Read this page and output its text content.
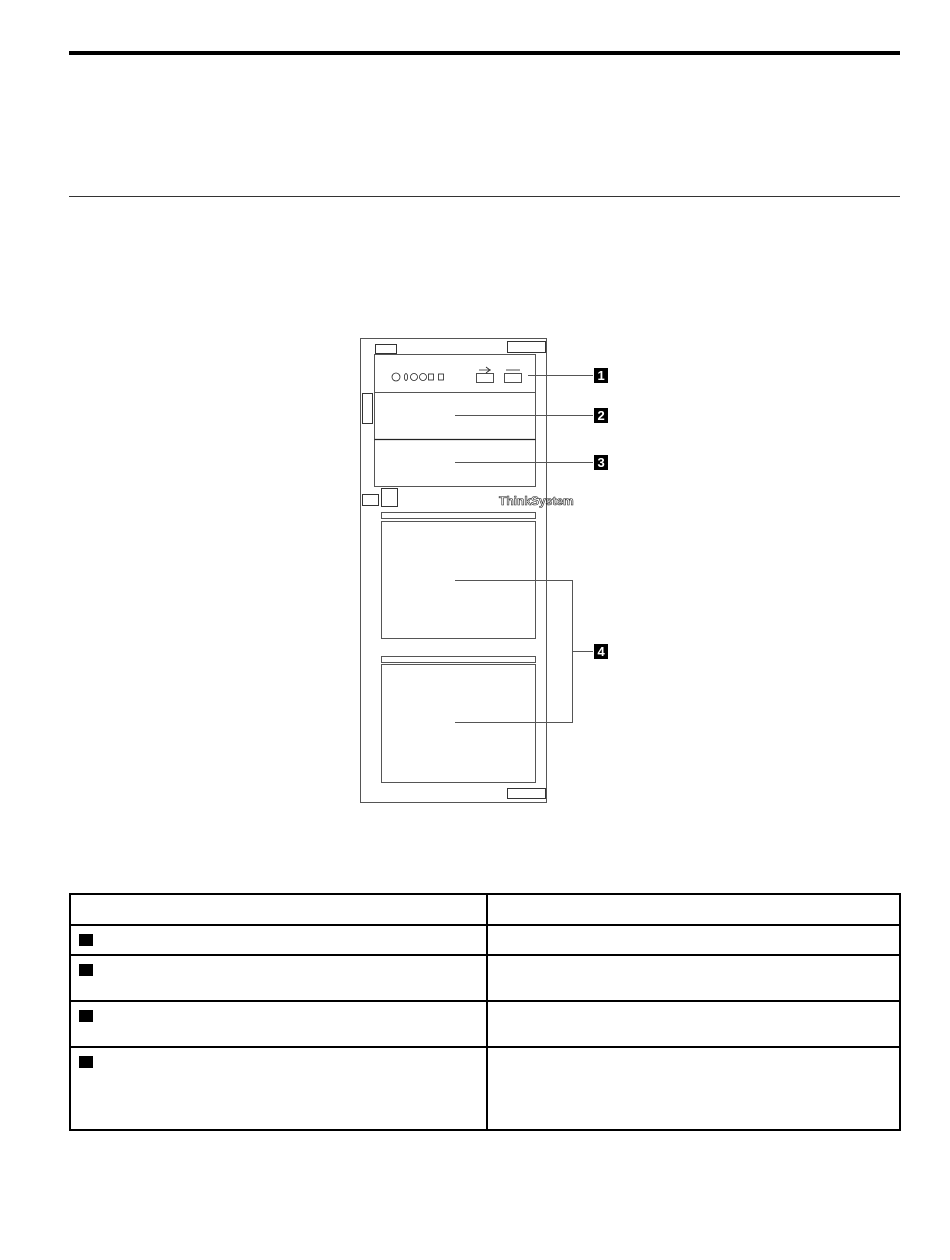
ThinkSystem
1
2
3
4
